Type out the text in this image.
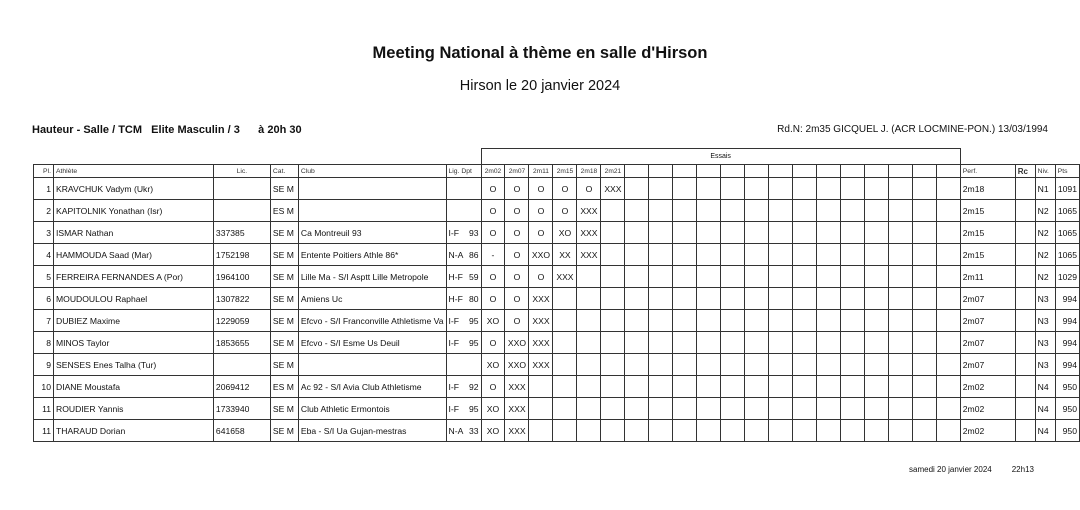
Meeting National à thème en salle d'Hirson
Hirson le 20 janvier 2024
Hauteur - Salle / TCM   Elite Masculin / 3      à 20h 30	Rd.N: 2m35 GICQUEL J. (ACR LOCMINE-PON.) 13/03/1994
						Essais																							
Pl.	Athlète	Lic.	Cat.	Club	Lig. Dpt	2m02	2m07	2m11	2m15	2m18	2m21															Perf.	Rc	Niv.	Pts
1	KRAVCHUK Vadym (Ukr)		SE M			O	O	O	O	O	XXX															2m18		N1	1091
2	KAPITOLNIK Yonathan (Isr)		ES M			O	O	O	O	XXX																2m15		N2	1065
3	ISMAR Nathan	337385	SE M	Ca Montreuil 93	I-F 93	O	O	O	XO	XXX																2m15		N2	1065
4	HAMMOUDA Saad (Mar)	1752198	SE M	Entente Poitiers Athle 86*	N-A 86	-	O	XXO	XX	XXX																2m15		N2	1065
5	FERREIRA FERNANDES A (Por)	1964100	SE M	Lille Ma - S/I Asptt Lille Metropole	H-F 59	O	O	O	XXX																	2m11		N2	1029
6	MOUDOULOU Raphael	1307822	SE M	Amiens Uc	H-F 80	O	O	XXX																		2m07		N3	994
7	DUBIEZ Maxime	1229059	SE M	Efcvo - S/I Franconville Athletisme Va	I-F 95	XO	O	XXX																		2m07		N3	994
8	MINOS Taylor	1853655	SE M	Efcvo - S/I Esme Us Deuil	I-F 95	O	XXO	XXX																		2m07		N3	994
9	SENSES Enes Talha (Tur)		SE M			XO	XXO	XXX																		2m07		N3	994
10	DIANE Moustafa	2069412	ES M	Ac 92 - S/I Avia Club Athletisme	I-F 92	O	XXX																			2m02		N4	950
11	ROUDIER Yannis	1733940	SE M	Club Athletic Ermontois	I-F 95	XO	XXX																			2m02		N4	950
11	THARAUD Dorian	641658	SE M	Eba - S/I Ua Gujan-mestras	N-A 33	XO	XXX																			2m02		N4	950
samedi 20 janvier 2024	22h13
